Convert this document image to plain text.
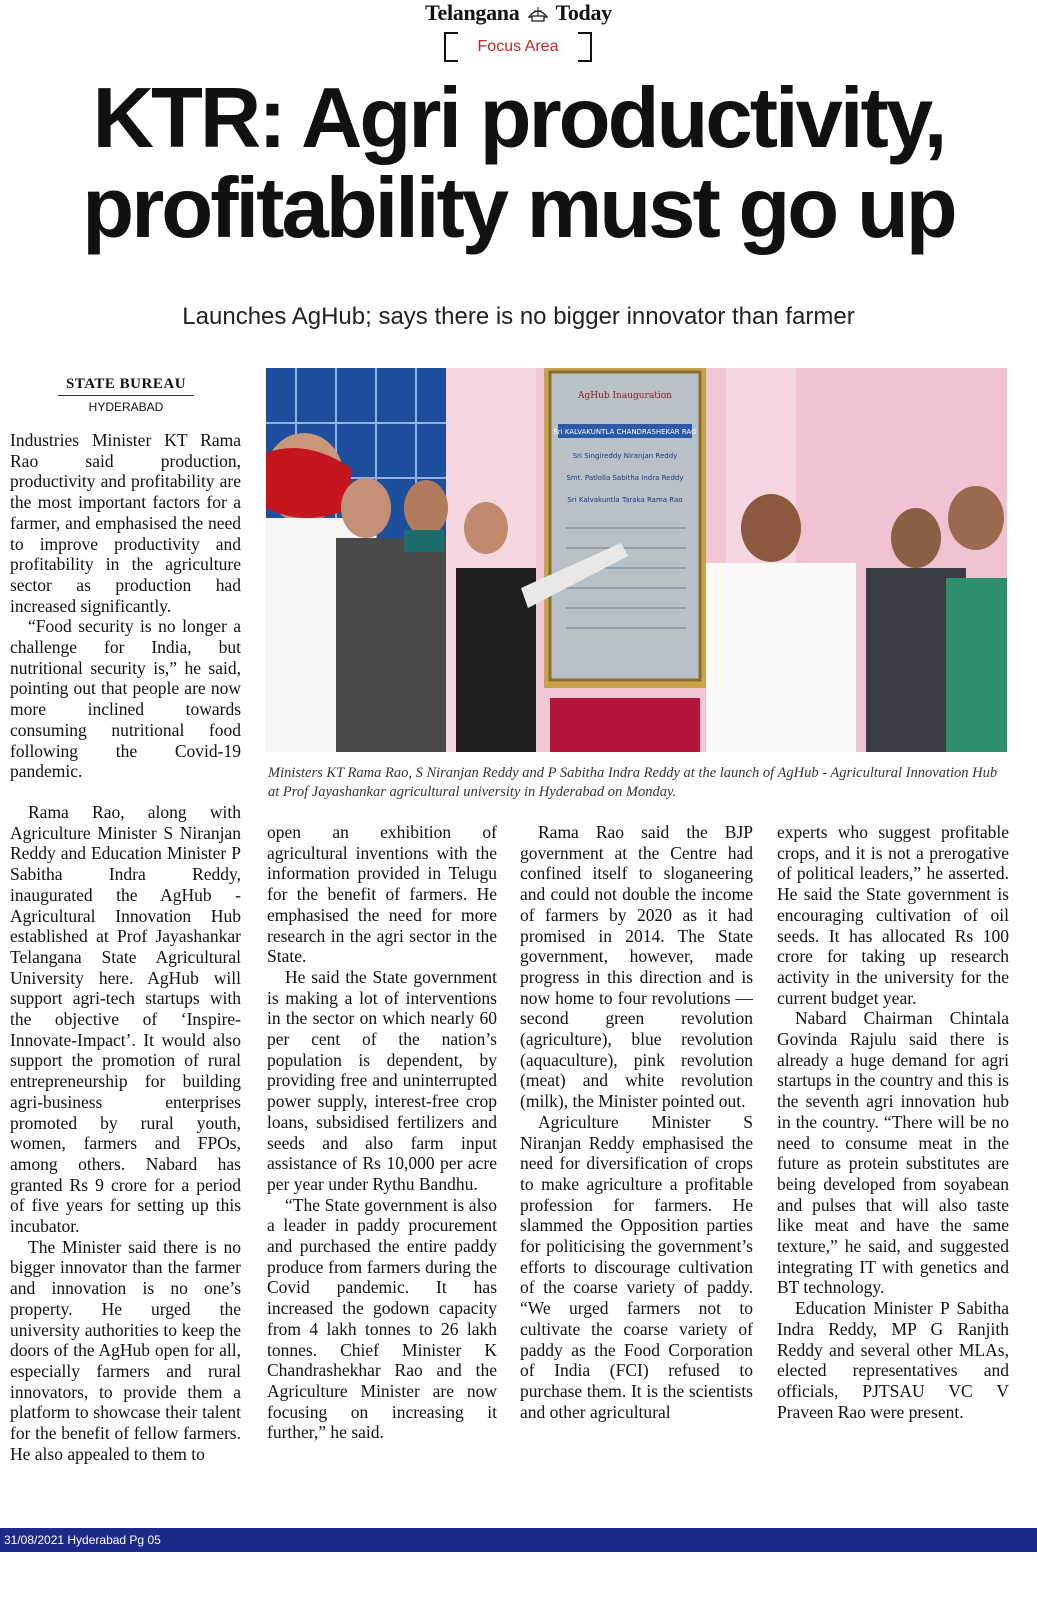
Telangana Today
Focus Area
KTR: Agri productivity,
profitability must go up
Launches AgHub; says there is no bigger innovator than farmer
STATE BUREAU
HYDERABAD

Industries Minister KT Rama Rao said production, productivity and profitability are the most important factors for a farmer, and emphasised the need to improve productivity and profitability in the agriculture sector as production had increased significantly.

“Food security is no longer a challenge for India, but nutritional security is,” he said, pointing out that people are now more inclined towards consuming nutritional food following the Covid-19 pandemic.

Rama Rao, along with Agriculture Minister S Niranjan Reddy and Education Minister P Sabitha Indra Reddy, inaugurated the AgHub - Agricultural Innovation Hub established at Prof Jayashankar Telangana State Agricultural University here. AgHub will support agri-tech startups with the objective of ‘Inspire-Innovate-Impact’. It would also support the promotion of rural entrepreneurship for building agri-business enterprises promoted by rural youth, women, farmers and FPOs, among others. Nabard has granted Rs 9 crore for a period of five years for setting up this incubator.

The Minister said there is no bigger innovator than the farmer and innovation is no one’s property. He urged the university authorities to keep the doors of the AgHub open for all, especially farmers and rural innovators, to provide them a platform to showcase their talent for the benefit of fellow farmers. He also appealed to them to

AgHub Inauguration
Sri KALVAKUNTLA CHANDRASHEKAR RAO
Sri Singireddy Niranjan Reddy
Smt. Patlolla Sabitha Indra Reddy
Sri Kalvakuntla Taraka Rama Rao
Ministers KT Rama Rao, S Niranjan Reddy and P Sabitha Indra Reddy at the launch of AgHub - Agricultural Innovation Hub at Prof Jayashankar agricultural university in Hyderabad on Monday.

open an exhibition of agricultural inventions with the information provided in Telugu for the benefit of farmers. He emphasised the need for more research in the agri sector in the State.

He said the State government is making a lot of interventions in the sector on which nearly 60 per cent of the nation’s population is dependent, by providing free and uninterrupted power supply, interest-free crop loans, subsidised fertilizers and seeds and also farm input assistance of Rs 10,000 per acre per year under Rythu Bandhu.

“The State government is also a leader in paddy procurement and purchased the entire paddy produce from farmers during the Covid pandemic. It has increased the godown capacity from 4 lakh tonnes to 26 lakh tonnes. Chief Minister K Chandrashekhar Rao and the Agriculture Minister are now focusing on increasing it further,” he said.

Rama Rao said the BJP government at the Centre had confined itself to sloganeering and could not double the income of farmers by 2020 as it had promised in 2014. The State government, however, made progress in this direction and is now home to four revolutions — second green revolution (agriculture), blue revolution (aquaculture), pink revolution (meat) and white revolution (milk), the Minister pointed out.

Agriculture Minister S Niranjan Reddy emphasised the need for diversification of crops to make agriculture a profitable profession for farmers. He slammed the Opposition parties for politicising the government’s efforts to discourage cultivation of the coarse variety of paddy. “We urged farmers not to cultivate the coarse variety of paddy as the Food Corporation of India (FCI) refused to purchase them. It is the scientists and other agricultural

experts who suggest profitable crops, and it is not a prerogative of political leaders,” he asserted. He said the State government is encouraging cultivation of oil seeds. It has allocated Rs 100 crore for taking up research activity in the university for the current budget year.

Nabard Chairman Chintala Govinda Rajulu said there is already a huge demand for agri startups in the country and this is the seventh agri innovation hub in the country. “There will be no need to consume meat in the future as protein substitutes are being developed from soyabean and pulses that will also taste like meat and have the same texture,” he said, and suggested integrating IT with genetics and BT technology.

Education Minister P Sabitha Indra Reddy, MP G Ranjith Reddy and several other MLAs, elected representatives and officials, PJTSAU VC V Praveen Rao were present.

31/08/2021 Hyderabad Pg 05
